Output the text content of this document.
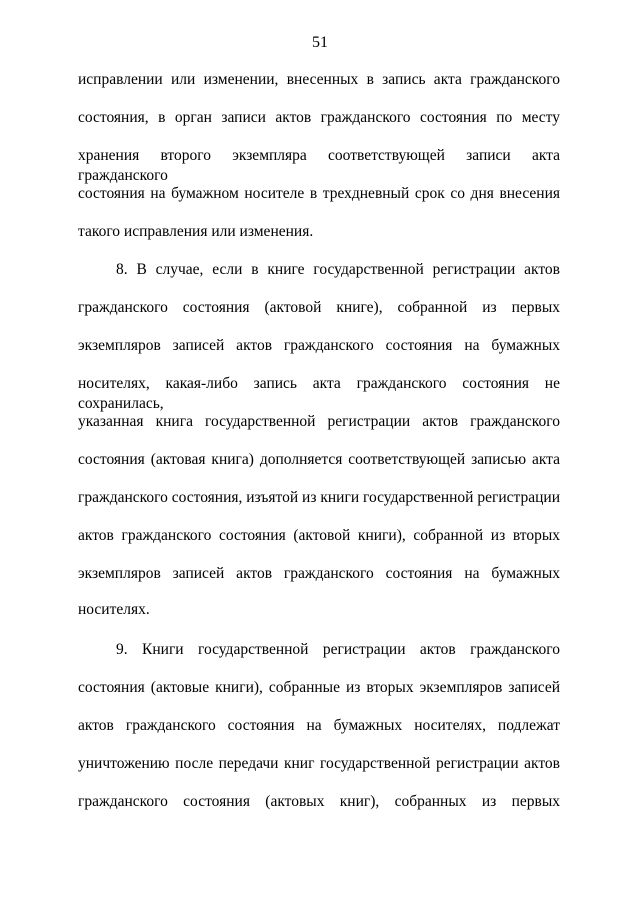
51
исправлении или изменении, внесенных в запись акта гражданского
состояния, в орган записи актов гражданского состояния по месту
хранения второго экземпляра соответствующей записи акта гражданского
состояния на бумажном носителе в трехдневный срок со дня внесения
такого исправления или изменения.
8. В случае, если в книге государственной регистрации актов
гражданского состояния (актовой книге), собранной из первых
экземпляров записей актов гражданского состояния на бумажных
носителях, какая-либо запись акта гражданского состояния не сохранилась,
указанная книга государственной регистрации актов гражданского
состояния (актовая книга) дополняется соответствующей записью акта
гражданского состояния, изъятой из книги государственной регистрации
актов гражданского состояния (актовой книги), собранной из вторых
экземпляров записей актов гражданского состояния на бумажных
носителях.
9. Книги государственной регистрации актов гражданского
состояния (актовые книги), собранные из вторых экземпляров записей
актов гражданского состояния на бумажных носителях, подлежат
уничтожению после передачи книг государственной регистрации актов
гражданского состояния (актовых книг), собранных из первых
